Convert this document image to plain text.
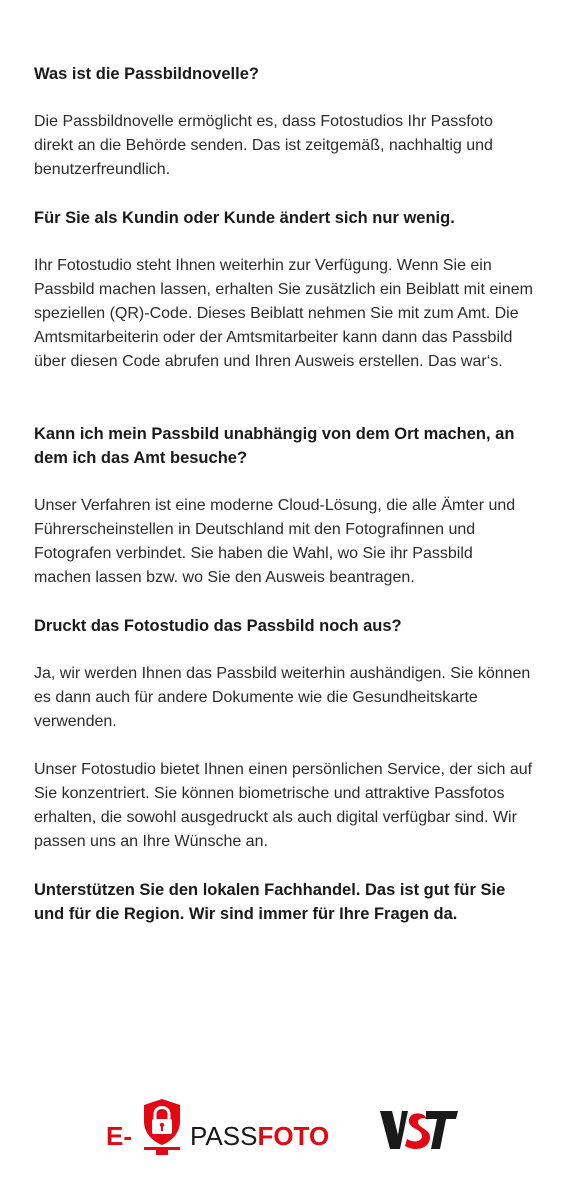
Was ist die Passbildnovelle?

Die Passbildnovelle ermöglicht es, dass Fotostudios Ihr Passfoto direkt an die Behörde senden. Das ist zeitgemäß, nachhaltig und benutzerfreundlich.

Für Sie als Kundin oder Kunde ändert sich nur wenig.

Ihr Fotostudio steht Ihnen weiterhin zur Verfügung. Wenn Sie ein Passbild machen lassen, erhalten Sie zusätzlich ein Beiblatt mit einem speziellen (QR)-Code. Dieses Beiblatt nehmen Sie mit zum Amt. Die Amtsmitarbeiterin oder der Amtsmitarbeiter kann dann das Passbild über diesen Code abrufen und Ihren Ausweis erstellen. Das war‘s.

Kann ich mein Passbild unabhängig von dem Ort machen, an dem ich das Amt besuche?

Unser Verfahren ist eine moderne Cloud-Lösung, die alle Ämter und Führerscheinstellen in Deutschland mit den Fotografinnen und Fotografen verbindet. Sie haben die Wahl, wo Sie ihr Passbild machen lassen bzw. wo Sie den Ausweis beantragen.

Druckt das Fotostudio das Passbild noch aus?

Ja, wir werden Ihnen das Passbild weiterhin aushändigen. Sie können es dann auch für andere Dokumente wie die Gesundheitskarte verwenden.

Unser Fotostudio bietet Ihnen einen persönlichen Service, der sich auf Sie konzentriert. Sie können biometrische und attraktive Passfotos erhalten, die sowohl ausgedruckt als auch digital verfügbar sind. Wir passen uns an Ihre Wünsche an.

Unterstützen Sie den lokalen Fachhandel. Das ist gut für Sie und für die Region. Wir sind immer für Ihre Fragen da.
E- PASSFOTO
